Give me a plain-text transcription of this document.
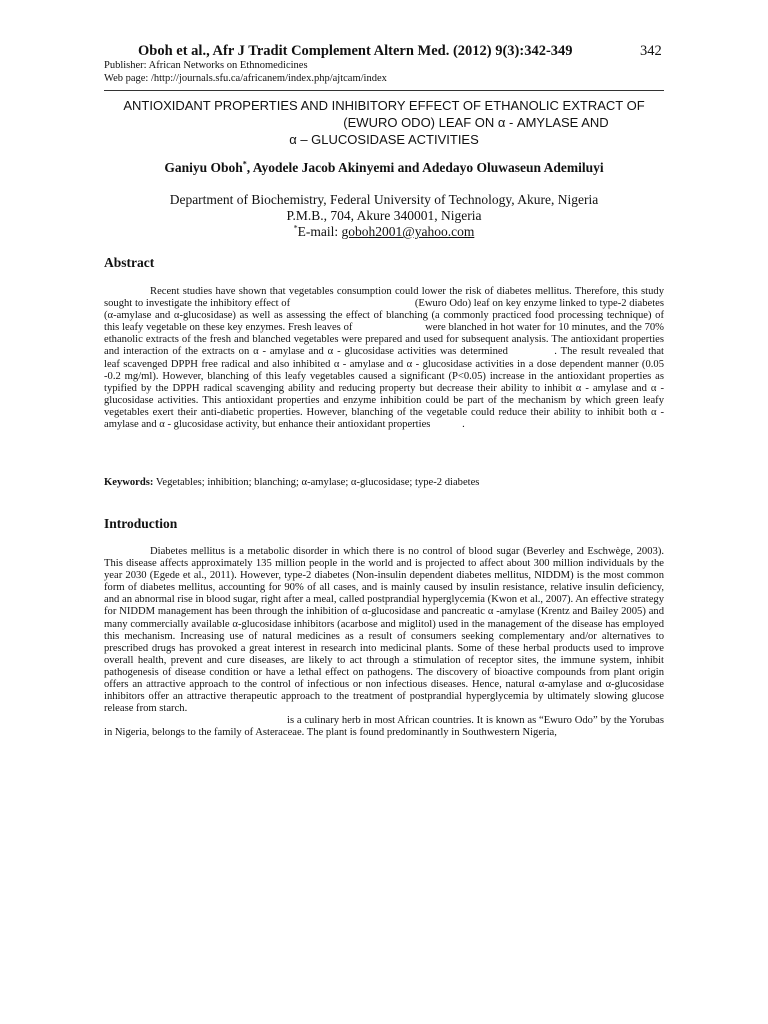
Oboh et al., Afr J Tradit Complement Altern Med. (2012) 9(3):342-349	342
Publisher: African Networks on Ethnomedicines
Web page: /http://journals.sfu.ca/africanem/index.php/ajtcam/index
ANTIOXIDANT PROPERTIES AND INHIBITORY EFFECT OF ETHANOLIC EXTRACT OF
(EWURO ODO) LEAF ON α - AMYLASE AND
α – GLUCOSIDASE ACTIVITIES
Ganiyu Oboh*, Ayodele Jacob Akinyemi and Adedayo Oluwaseun Ademiluyi
Department of Biochemistry, Federal University of Technology, Akure, Nigeria
P.M.B., 704, Akure 340001, Nigeria
*E-mail: goboh2001@yahoo.com
Abstract

Recent studies have shown that vegetables consumption could lower the risk of diabetes mellitus. Therefore, this study sought to investigate the inhibitory effect of                                              (Ewuro Odo) leaf on key enzyme linked to type-2 diabetes (α-amylase and α-glucosidase) as well as assessing the effect of blanching (a commonly practiced food processing technique) of this leafy vegetable on these key enzymes. Fresh leaves of                          were blanched in hot water for 10 minutes, and the 70% ethanolic extracts of the fresh and blanched vegetables were prepared and used for subsequent analysis. The antioxidant properties and interaction of the extracts on α - amylase and α - glucosidase activities was determined            . The result revealed that                       leaf scavenged DPPH free radical and also inhibited α - amylase and α - glucosidase activities in a dose dependent manner (0.05 -0.2 mg/ml). However, blanching of this leafy vegetables caused a significant (P<0.05) increase in the antioxidant properties as typified by the DPPH radical scavenging ability and reducing property but decrease their ability to inhibit α - amylase and α - glucosidase activities. This antioxidant properties and enzyme inhibition could be part of the mechanism by which green leafy vegetables exert their anti-diabetic properties. However, blanching of the vegetable could reduce their ability to inhibit both α - amylase and α - glucosidase activity, but enhance their antioxidant properties            .

Keywords: Vegetables; inhibition; blanching; α-amylase; α-glucosidase; type-2 diabetes
Introduction

Diabetes mellitus is a metabolic disorder in which there is no control of blood sugar (Beverley and Eschwège, 2003). This disease affects approximately 135 million people in the world and is projected to affect about 300 million individuals by the year 2030 (Egede et al., 2011). However, type-2 diabetes (Non-insulin dependent diabetes mellitus, NIDDM) is the most common form of diabetes mellitus, accounting for 90% of all cases, and is mainly caused by insulin resistance, relative insulin deficiency, and an abnormal rise in blood sugar, right after a meal, called postprandial hyperglycemia (Kwon et al., 2007). An effective strategy for NIDDM management has been through the inhibition of α-glucosidase and pancreatic α -amylase (Krentz and Bailey 2005) and many commercially available α-glucosidase inhibitors (acarbose and miglitol) used in the management of the disease has employed this mechanism. Increasing use of natural medicines as a result of consumers seeking complementary and/or alternatives to prescribed drugs has provoked a great interest in research into medicinal plants. Some of these herbal products used to improve overall health, prevent and cure diseases, are likely to act through a stimulation of receptor sites, the immune system, inhibit pathogenesis of disease condition or have a lethal effect on pathogens. The discovery of bioactive compounds from plant origin offers an attractive approach to the control of infectious or non infectious diseases. Hence, natural α-amylase and α-glucosidase inhibitors offer an attractive therapeutic approach to the treatment of postprandial hyperglycemia by ultimately slowing glucose release from starch.

is a culinary herb in most African countries. It is known as “Ewuro Odo” by the Yorubas in Nigeria, belongs to the family of Asteraceae. The plant is found predominantly in Southwestern Nigeria,
